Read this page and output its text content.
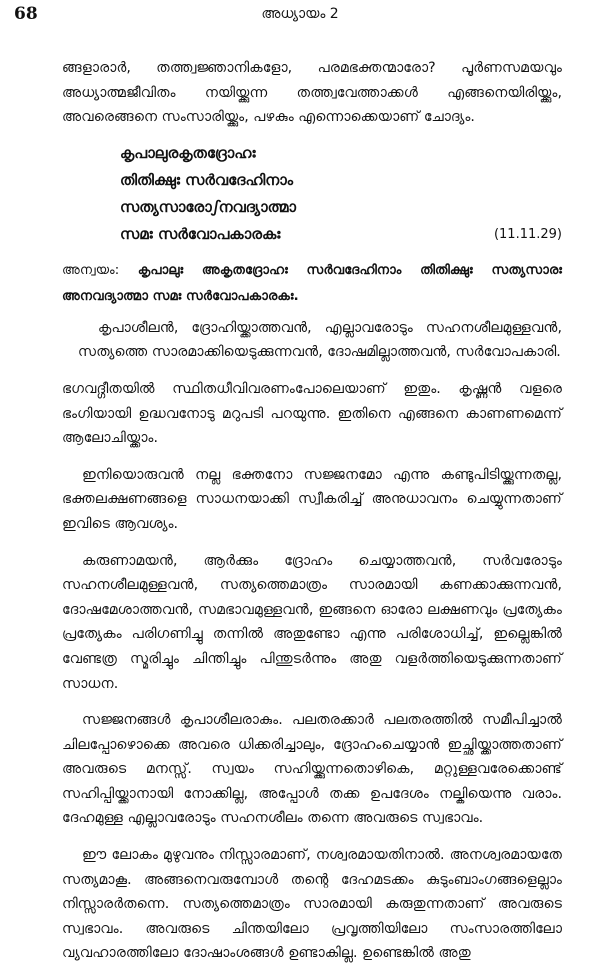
68	അധ്യായം 2

ങ്ങളാരാർ, തത്ത്വജ്ഞാനികളോ, പരമഭക്തന്മാരോ? പൂർണസമയവും അധ്യാത്മജീവിതം നയിയ്ക്കുന്ന തത്ത്വവേത്താക്കൾ എങ്ങനെയിരിയ്ക്കും, അവരെങ്ങനെ സംസാരിയ്ക്കും, പഴകും എന്നൊക്കെയാണ് ചോദ്യം.

കൃപാലുരകൃതദ്രോഹഃ
തിതിക്ഷുഃ സർവദേഹിനാം
സത്യസാരോഽനവദ്യാത്മാ
സമഃ സർവോപകാരകഃ	(11.11.29)

അന്വയം: കൃപാലുഃ അകൃതദ്രോഹഃ സർവദേഹിനാം തിതിക്ഷുഃ സത്യസാരഃ അനവദ്യാത്മാ സമഃ സർവോപകാരകഃ.

കൃപാശീലൻ, ദ്രോഹിയ്ക്കാത്തവൻ, എല്ലാവരോടും സഹനശീലമുള്ളവൻ, സത്യത്തെ സാരമാക്കിയെടുക്കുന്നവൻ, ദോഷമില്ലാത്തവൻ, സർവോപകാരി.

ഭഗവദ്ഗീതയിൽ സ്ഥിതധീവിവരണംപോലെയാണ് ഇതും. കൃഷ്ണൻ വളരെ ഭംഗിയായി ഉദ്ധവനോടു മറുപടി പറയുന്നു. ഇതിനെ എങ്ങനെ കാണണമെന്ന് ആലോചിയ്ക്കാം.

ഇനിയൊരുവൻ നല്ല ഭക്തനോ സജ്ജനമോ എന്നു കണ്ടുപിടിയ്ക്കുന്നതല്ല, ഭക്തലക്ഷണങ്ങളെ സാധനയാക്കി സ്വീകരിച്ച് അനുധാവനം ചെയ്യുന്നതാണ് ഇവിടെ ആവശ്യം.

കരുണാമയൻ, ആർക്കും ദ്രോഹം ചെയ്യാത്തവൻ, സർവരോടും സഹനശീലമുള്ളവൻ, സത്യത്തെമാത്രം സാരമായി കണക്കാക്കുന്നവൻ, ദോഷമേശാത്തവൻ, സമഭാവമുള്ളവൻ, ഇങ്ങനെ ഓരോ ലക്ഷണവും പ്രത്യേകം പ്രത്യേകം പരിഗണിച്ചു തന്നിൽ അതുണ്ടോ എന്നു പരിശോധിച്ച്, ഇല്ലെങ്കിൽ വേണ്ടത്ര സ്മരിച്ചും ചിന്തിച്ചും പിന്തുടർന്നും അതു വളർത്തിയെടുക്കുന്നതാണ് സാധന.

സജ്ജനങ്ങൾ കൃപാശീലരാകും. പലതരക്കാർ പലതരത്തിൽ സമീപിച്ചാൽ ചിലപ്പോഴൊക്കെ അവരെ ധിക്കരിച്ചാലും, ദ്രോഹംചെയ്യാൻ ഇച്ഛിയ്ക്കാത്തതാണ് അവരുടെ മനസ്സ്. സ്വയം സഹിയ്ക്കുന്നതൊഴികെ, മറ്റുള്ളവരേക്കൊണ്ട് സഹിപ്പിയ്ക്കാനായി നോക്കില്ല, അപ്പോൾ തക്ക ഉപദേശം നല്കിയെന്നു വരാം. ദേഹമുള്ള എല്ലാവരോടും സഹനശീലം തന്നെ അവരുടെ സ്വഭാവം.

ഈ ലോകം മുഴുവനും നിസ്സാരമാണ്, നശ്വരമായതിനാൽ. അനശ്വരമായതേ സത്യമാകൂ. അങ്ങനെവരുമ്പോൾ തന്റെ ദേഹമടക്കം കുടുംബാംഗങ്ങളെല്ലാം നിസ്സാരർതന്നെ. സത്യത്തെമാത്രം സാരമായി കരുതുന്നതാണ് അവരുടെ സ്വഭാവം. അവരുടെ ചിന്തയിലോ പ്രവൃത്തിയിലോ സംസാരത്തിലോ വ്യവഹാരത്തിലോ ദോഷാംശങ്ങൾ ഉണ്ടാകില്ല. ഉണ്ടെങ്കിൽ അതു
